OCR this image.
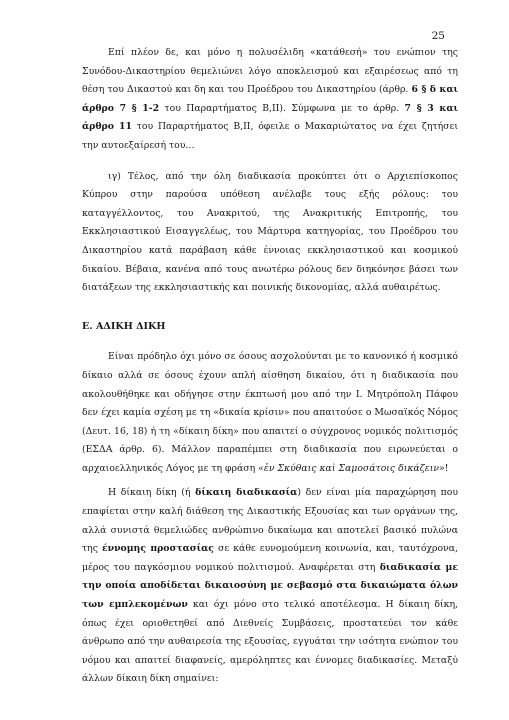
25

Επί πλέον δε, και μόνο η πολυσέλιδη «κατάθεσή» του ενώπιον της Συνόδου-Δικαστηρίου θεμελιώνει λόγο αποκλεισμού και εξαιρέσεως από τη θέση του Δικαστού και δη και του Προέδρου του Δικαστηρίου (άρθρ. 6 § δ και άρθρο 7 § 1-2 του Παραρτήματος Β,ΙΙ). Σύμφωνα με το άρθρ. 7 § 3 και άρθρο 11 του Παραρτήματος Β,ΙΙ, όφειλε ο Μακαριώτατος να έχει ζητήσει την αυτοεξαίρεσή του…

ιγ) Τέλος, από την όλη διαδικασία προκύπτει ότι ο Αρχιεπίσκοπος Κύπρου στην παρούσα υπόθεση ανέλαβε τους εξής ρόλους: του καταγγέλλοντος, του Ανακριτού, της Ανακριτικής Επιτροπής, του Εκκλησιαστικού Εισαγγελέως, του Μάρτυρα κατηγορίας, του Προέδρου του Δικαστηρίου κατά παράβαση κάθε έννοιας εκκλησιαστικού και κοσμικού δικαίου. Βέβαια, κανένα από τους ανωτέρω ρόλους δεν διηκόνησε βάσει των διατάξεων της εκκλησιαστικής και ποινικής δικονομίας, αλλά αυθαιρέτως.

Ε. ΑΔΙΚΗ ΔΙΚΗ

Είναι πρόδηλο όχι μόνο σε όσους ασχολούνται με το κανονικό ή κοσμικό δίκαιο αλλά σε όσους έχουν απλή αίσθηση δικαίου, ότι η διαδικασία που ακολουθήθηκε και οδήγησε στην έκπτωσή μου από την Ι. Μητρόπολη Πάφου δεν έχει καμία σχέση με τη «δικαία κρίσιν» που απαιτούσε ο Μωσαϊκός Νόμος (Δευτ. 16, 18) ή τη «δίκαιη δίκη» που απαιτεί ο σύγχρονος νομικός πολιτισμός (ΕΣΔΑ άρθρ. 6). Μάλλον παραπέμπει στη διαδικασία που ειρωνεύεται ο αρχαιοελληνικός Λόγος με τη φράση «ἐν Σκύθαις καὶ Σαμοσάτοις δικάζειν»!

Η δίκαιη δίκη (ή δίκαιη διαδικασία) δεν είναι μία παραχώρηση που επαφίεται στην καλή διάθεση της Δικαστικής Εξουσίας και των οργάνων της, αλλά συνιστά θεμελιώδες ανθρώπινο δικαίωμα και αποτελεί βασικό πυλώνα της έννομης προστασίας σε κάθε ευνομούμενη κοινωνία, και, ταυτόχρονα, μέρος του παγκόσμιου νομικού πολιτισμού. Αναφέρεται στη διαδικασία με την οποία αποδίδεται δικαιοσύνη με σεβασμό στα δικαιώματα όλων των εμπλεκομένων και όχι μόνο στο τελικό αποτέλεσμα. Η δίκαιη δίκη, όπως έχει οριοθετηθεί από Διεθνείς Συμβάσεις, προστατεύει τον κάθε άνθρωπο από την αυθαιρεσία της εξουσίας, εγγυάται την ισότητα ενώπιον του νόμου και απαιτεί διαφανείς, αμερόληπτες και έννομες διαδικασίες. Μεταξύ άλλων δίκαιη δίκη σημαίνει:
